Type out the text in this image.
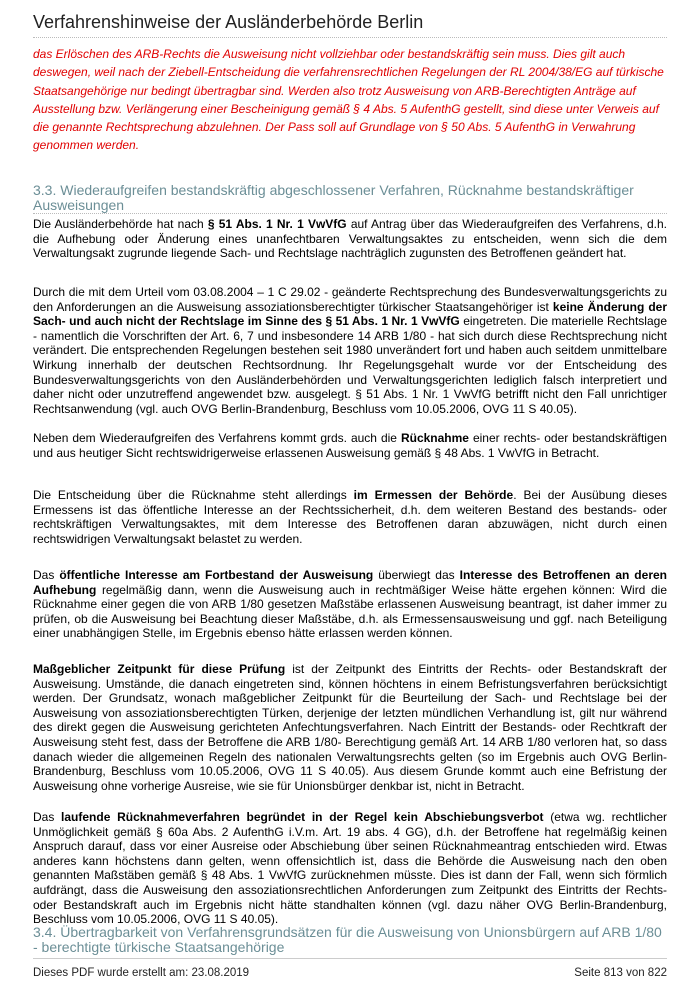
Verfahrenshinweise der Ausländerbehörde Berlin
das Erlöschen des ARB-Rechts die Ausweisung nicht vollziehbar oder bestandskräftig sein muss. Dies gilt auch deswegen, weil nach der Ziebell-Entscheidung die verfahrensrechtlichen Regelungen der RL 2004/38/EG auf türkische Staatsangehörige nur bedingt übertragbar sind. Werden also trotz Ausweisung von ARB-Berechtigten Anträge auf Ausstellung bzw. Verlängerung einer Bescheinigung gemäß § 4 Abs. 5 AufenthG gestellt, sind diese unter Verweis auf die genannte Rechtsprechung abzulehnen. Der Pass soll auf Grundlage von § 50 Abs. 5 AufenthG in Verwahrung genommen werden.
3.3. Wiederaufgreifen bestandskräftig abgeschlossener Verfahren, Rücknahme bestandskräftiger Ausweisungen
Die Ausländerbehörde hat nach § 51 Abs. 1 Nr. 1 VwVfG auf Antrag über das Wiederaufgreifen des Verfahrens, d.h. die Aufhebung oder Änderung eines unanfechtbaren Verwaltungsaktes zu entscheiden, wenn sich die dem Verwaltungsakt zugrunde liegende Sach- und Rechtslage nachträglich zugunsten des Betroffenen geändert hat.
Durch die mit dem Urteil vom 03.08.2004 – 1 C 29.02 - geänderte Rechtsprechung des Bundesverwaltungsgerichts zu den Anforderungen an die Ausweisung assoziationsberechtigter türkischer Staatsangehöriger ist keine Änderung der Sach- und auch nicht der Rechtslage im Sinne des § 51 Abs. 1 Nr. 1 VwVfG eingetreten. Die materielle Rechtslage - namentlich die Vorschriften der Art. 6, 7 und insbesondere 14 ARB 1/80 - hat sich durch diese Rechtsprechung nicht verändert. Die entsprechenden Regelungen bestehen seit 1980 unverändert fort und haben auch seitdem unmittelbare Wirkung innerhalb der deutschen Rechtsordnung. Ihr Regelungsgehalt wurde vor der Entscheidung des Bundesverwaltungsgerichts von den Ausländerbehörden und Verwaltungsgerichten lediglich falsch interpretiert und daher nicht oder unzutreffend angewendet bzw. ausgelegt. § 51 Abs. 1 Nr. 1 VwVfG betrifft nicht den Fall unrichtiger Rechtsanwendung (vgl. auch OVG Berlin-Brandenburg, Beschluss vom 10.05.2006, OVG 11 S 40.05).
Neben dem Wiederaufgreifen des Verfahrens kommt grds. auch die Rücknahme einer rechts- oder bestandskräftigen und aus heutiger Sicht rechtswidrigerweise erlassenen Ausweisung gemäß § 48 Abs. 1 VwVfG in Betracht.
Die Entscheidung über die Rücknahme steht allerdings im Ermessen der Behörde. Bei der Ausübung dieses Ermessens ist das öffentliche Interesse an der Rechtssicherheit, d.h. dem weiteren Bestand des bestands- oder rechtskräftigen Verwaltungsaktes, mit dem Interesse des Betroffenen daran abzuwägen, nicht durch einen rechtswidrigen Verwaltungsakt belastet zu werden.
Das öffentliche Interesse am Fortbestand der Ausweisung überwiegt das Interesse des Betroffenen an deren Aufhebung regelmäßig dann, wenn die Ausweisung auch in rechtmäßiger Weise hätte ergehen können: Wird die Rücknahme einer gegen die von ARB 1/80 gesetzen Maßstäbe erlassenen Ausweisung beantragt, ist daher immer zu prüfen, ob die Ausweisung bei Beachtung dieser Maßstäbe, d.h. als Ermessensausweisung und ggf. nach Beteiligung einer unabhängigen Stelle, im Ergebnis ebenso hätte erlassen werden können.
Maßgeblicher Zeitpunkt für diese Prüfung ist der Zeitpunkt des Eintritts der Rechts- oder Bestandskraft der Ausweisung. Umstände, die danach eingetreten sind, können höchtens in einem Befristungsverfahren berücksichtigt werden. Der Grundsatz, wonach maßgeblicher Zeitpunkt für die Beurteilung der Sach- und Rechtslage bei der Ausweisung von assoziationsberechtigten Türken, derjenige der letzten mündlichen Verhandlung ist, gilt nur während des direkt gegen die Ausweisung gerichteten Anfechtungsverfahren. Nach Eintritt der Bestands- oder Rechtkraft der Ausweisung steht fest, dass der Betroffene die ARB 1/80- Berechtigung gemäß Art. 14 ARB 1/80 verloren hat, so dass danach wieder die allgemeinen Regeln des nationalen Verwaltungsrechts gelten (so im Ergebnis auch OVG Berlin-Brandenburg, Beschluss vom 10.05.2006, OVG 11 S 40.05). Aus diesem Grunde kommt auch eine Befristung der Ausweisung ohne vorherige Ausreise, wie sie für Unionsbürger denkbar ist, nicht in Betracht.
Das laufende Rücknahmeverfahren begründet in der Regel kein Abschiebungsverbot (etwa wg. rechtlicher Unmöglichkeit gemäß § 60a Abs. 2 AufenthG i.V.m. Art. 19 abs. 4 GG), d.h. der Betroffene hat regelmäßig keinen Anspruch darauf, dass vor einer Ausreise oder Abschiebung über seinen Rücknahmeantrag entschieden wird. Etwas anderes kann höchstens dann gelten, wenn offensichtlich ist, dass die Behörde die Ausweisung nach den oben genannten Maßstäben gemäß § 48 Abs. 1 VwVfG zurücknehmen müsste. Dies ist dann der Fall, wenn sich förmlich aufdrängt, dass die Ausweisung den assoziationsrechtlichen Anforderungen zum Zeitpunkt des Eintritts der Rechts- oder Bestandskraft auch im Ergebnis nicht hätte standhalten können (vgl. dazu näher OVG Berlin-Brandenburg, Beschluss vom 10.05.2006, OVG 11 S 40.05).
3.4. Übertragbarkeit von Verfahrensgrundsätzen für die Ausweisung von Unionsbürgern auf ARB 1/80 - berechtigte türkische Staatsangehörige
Dieses PDF wurde erstellt am: 23.08.2019	Seite 813 von 822
